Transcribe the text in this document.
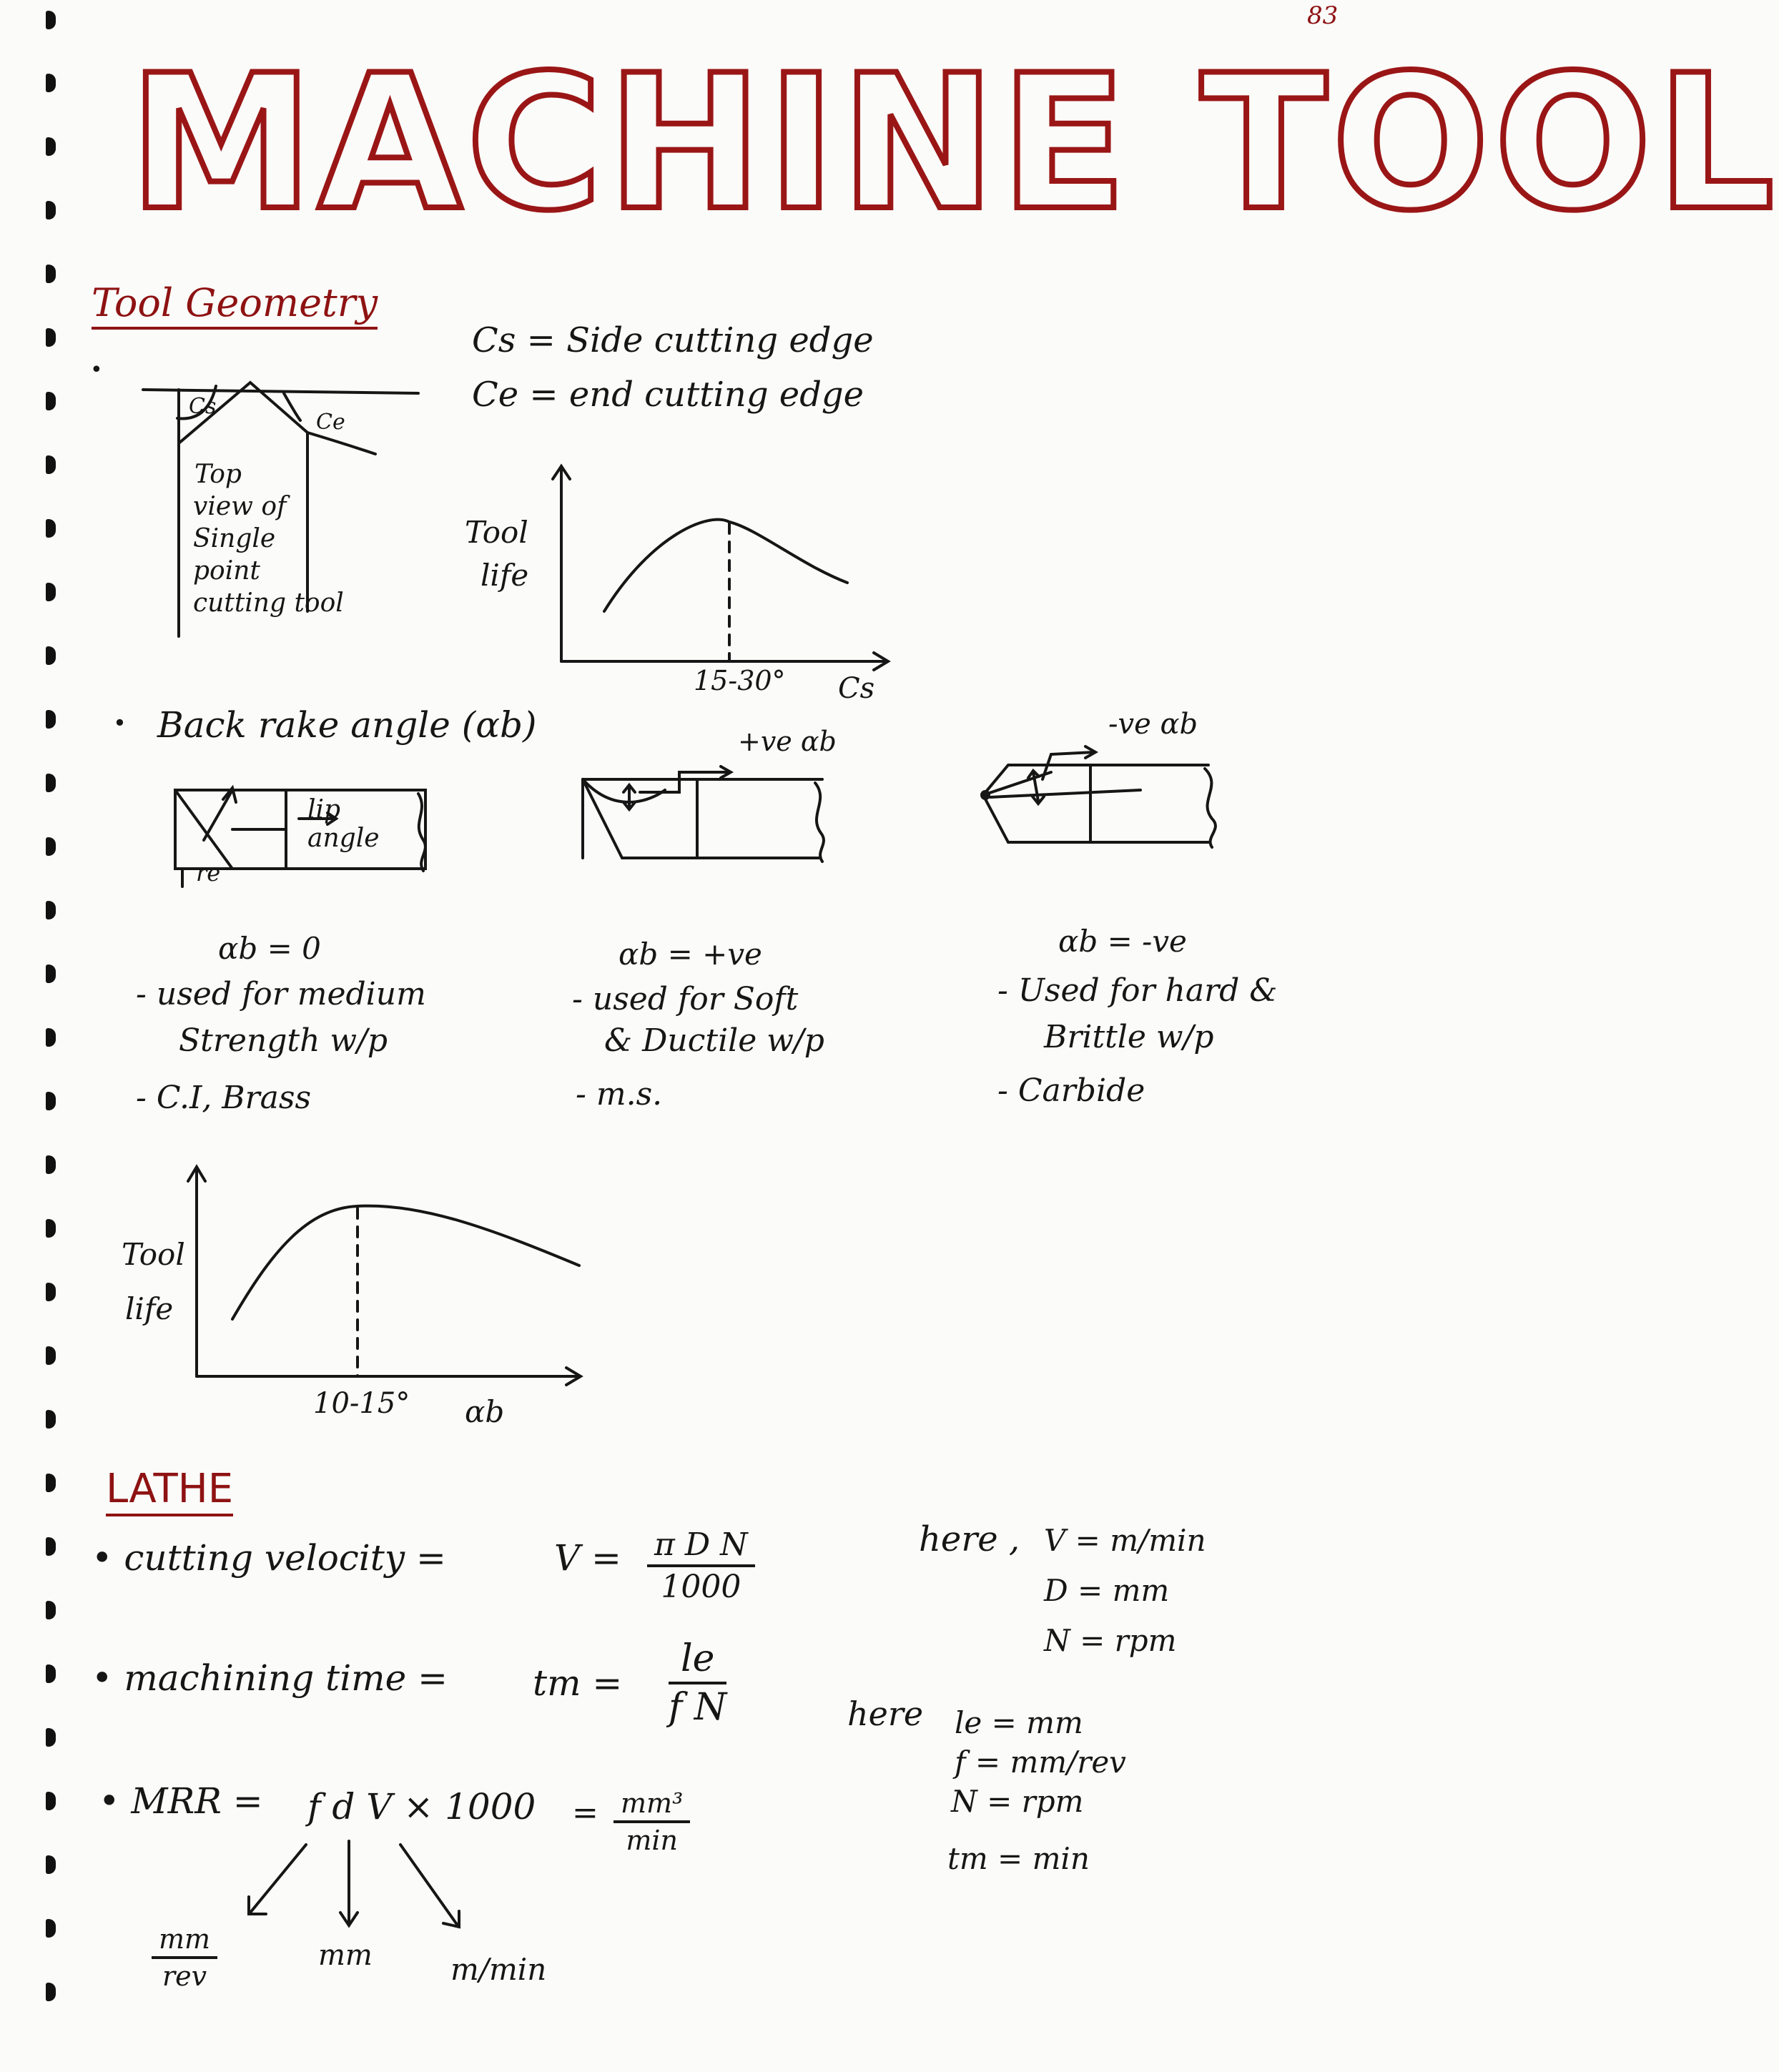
83
MACHINE TOOL
Tool Geometry
•
Cs = Side cutting edge
Ce = end cutting edge
Cs
Ce
Top
view of
Single
point
cutting tool
Tool
life
15-30° Cs
• Back rake angle (αb)
lip
angle
re
+ve αb
-ve αb
αb = 0
- used for medium
Strength w/p
- C.I, Brass
αb = +ve
- used for Soft
& Ductile w/p
- m.s.
αb = -ve
- Used for hard &
Brittle w/p
- Carbide
Tool
life
10-15° αb
LATHE
• cutting velocity =	$V = \frac{\text{π D N}}{1000}$	here , V = m/min
D = mm
N = rpm
• machining time = tm = $\frac{le}{\text{f N}}$	here le = mm
f = mm/rev
N = rpm
tm = min
• MRR = f d V × 1000 = mm³
min
mm
rev
mm	m/min
